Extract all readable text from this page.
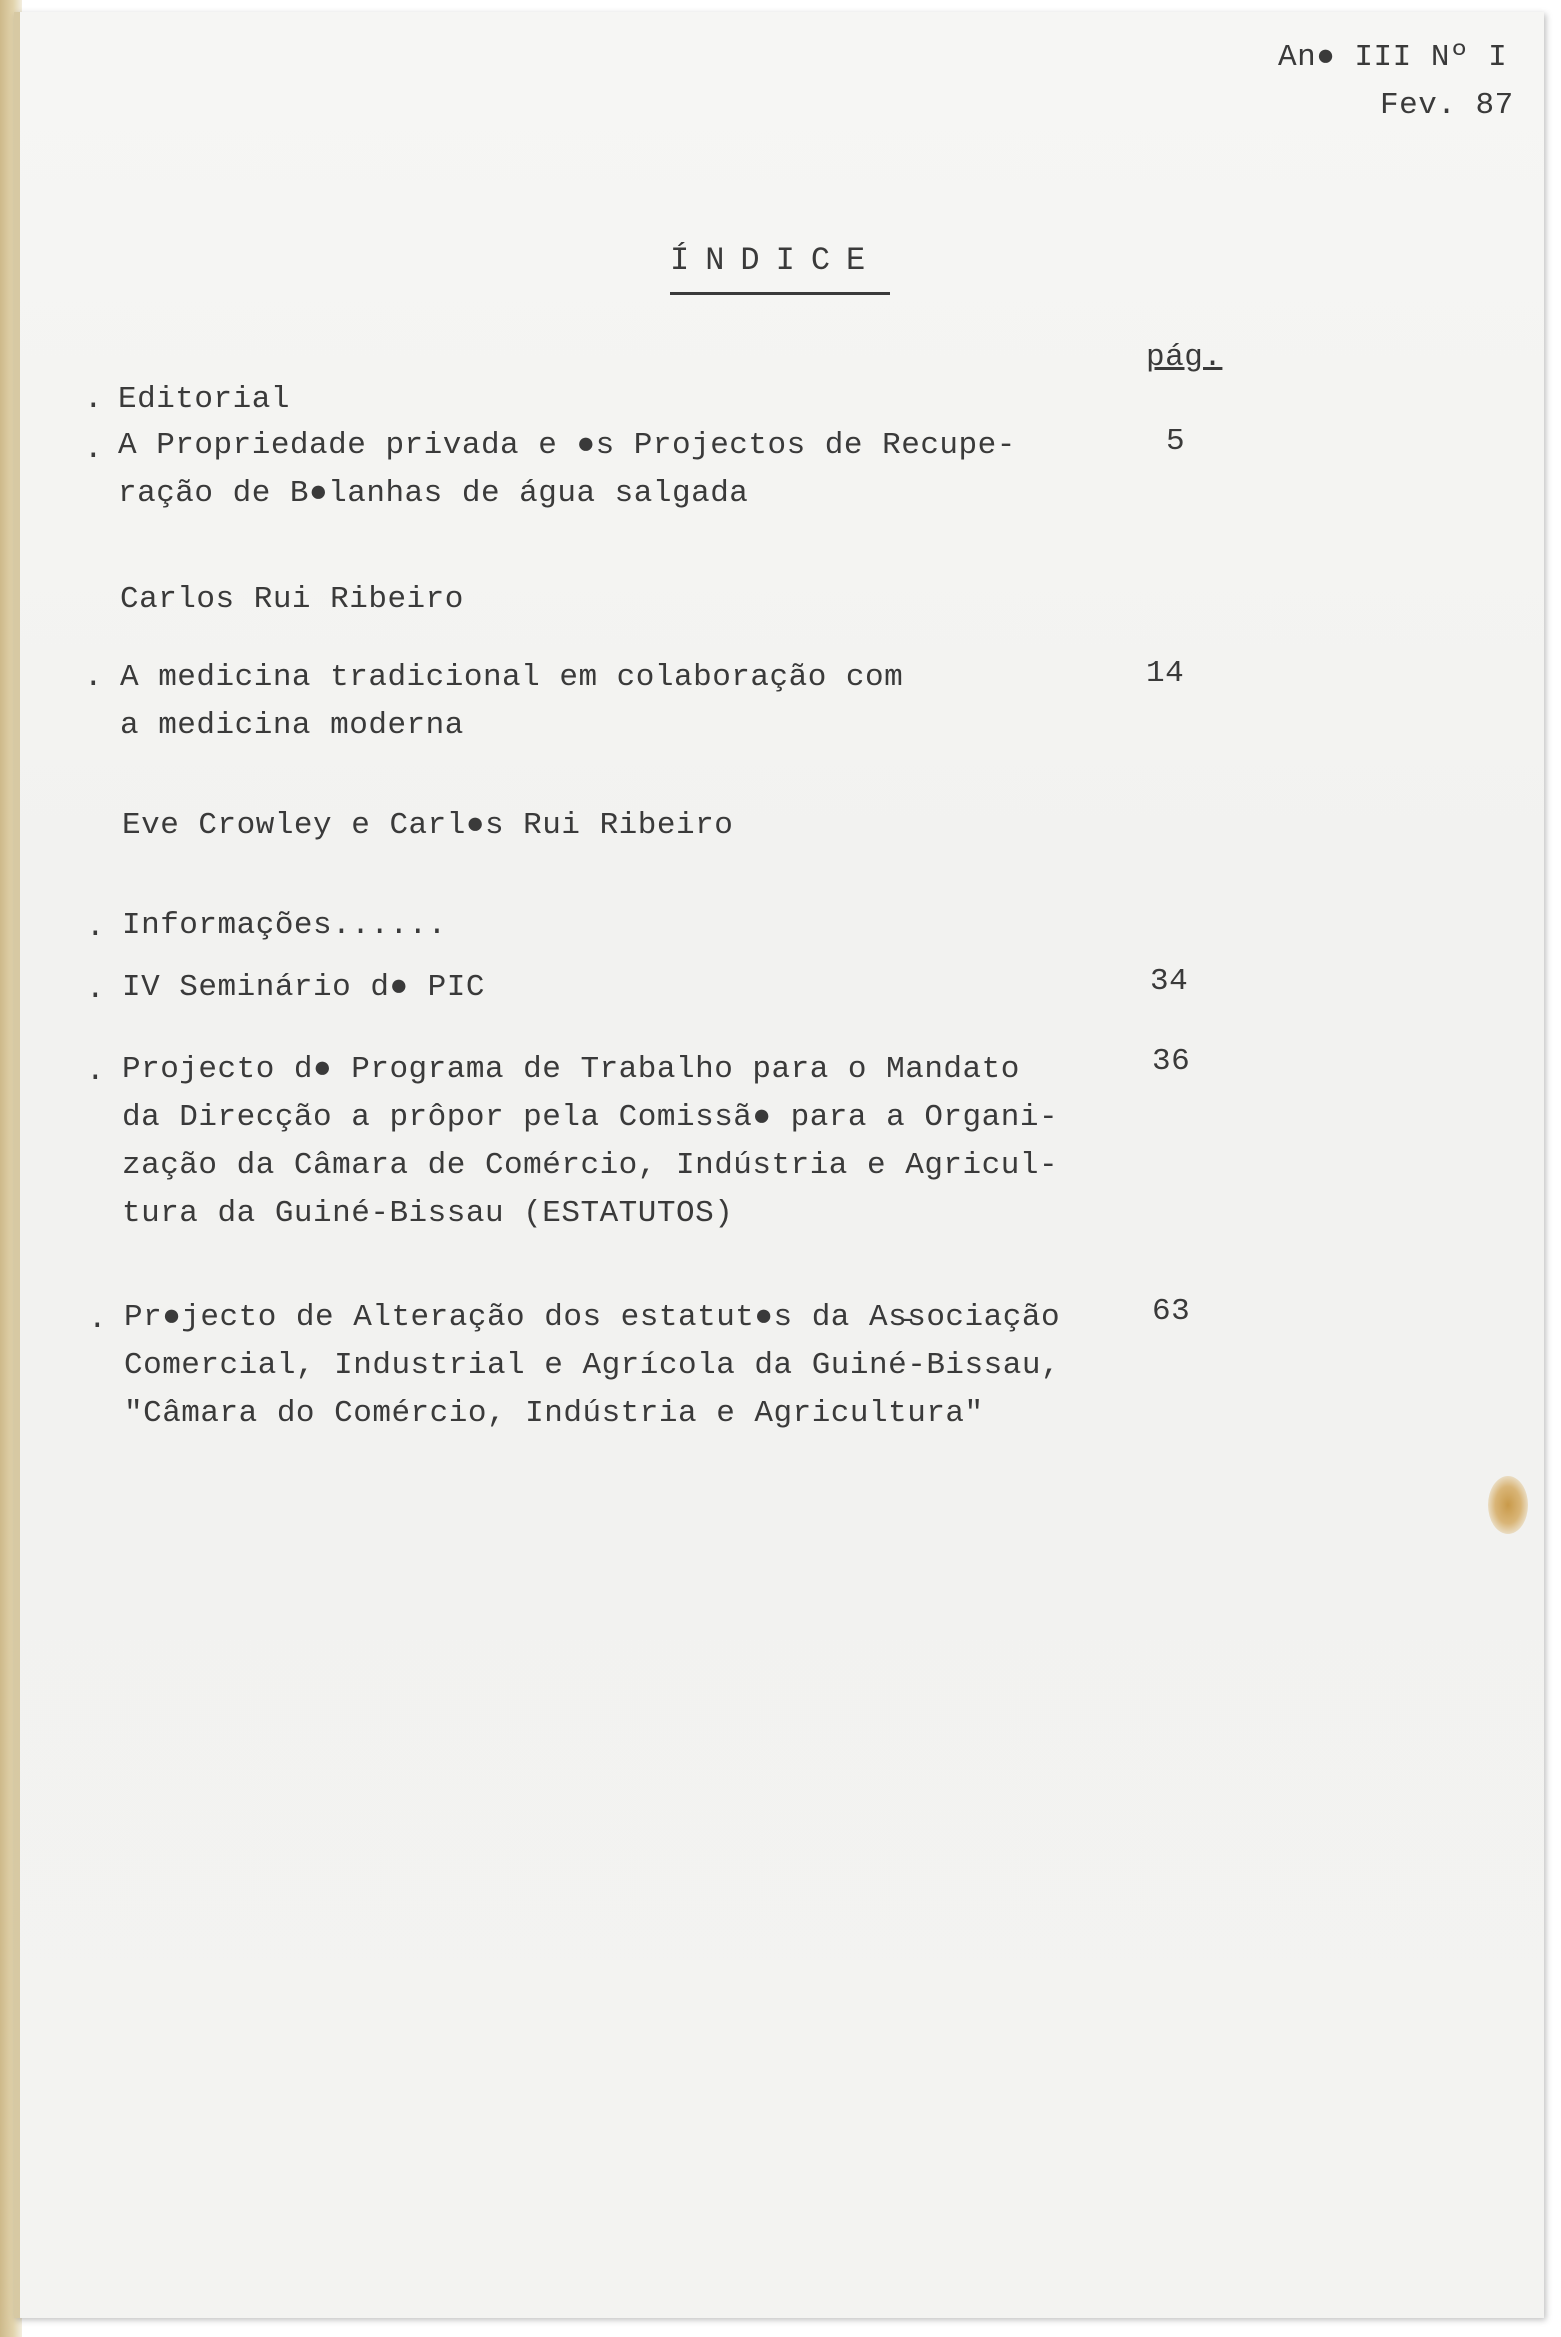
An● III Nº I
Fev. 87
ÍNDICE
pág.
. Editorial
. A Propriedade privada e ●s Projectos de Recupe-
ração de B●lanhas de água salgada
5
Carlos Rui Ribeiro
. A medicina tradicional em colaboração com
a medicina moderna
14
Eve Crowley e Carl●s Rui Ribeiro
. Informações......
. IV Seminário d● PIC	34
. Projecto d● Programa de Trabalho para o Mandato
da Direcção a prôpor pela Comissã● para a Organi-
zação da Câmara de Comércio, Indústria e Agricul-
tura da Guiné-Bissau (ESTATUTOS)
36
. Pr●jecto de Alteração dos estatut●s da As̵sociação
Comercial, Industrial e Agrícola da Guiné-Bissau,
"Câmara do Comércio, Indústria e Agricultura"
63
